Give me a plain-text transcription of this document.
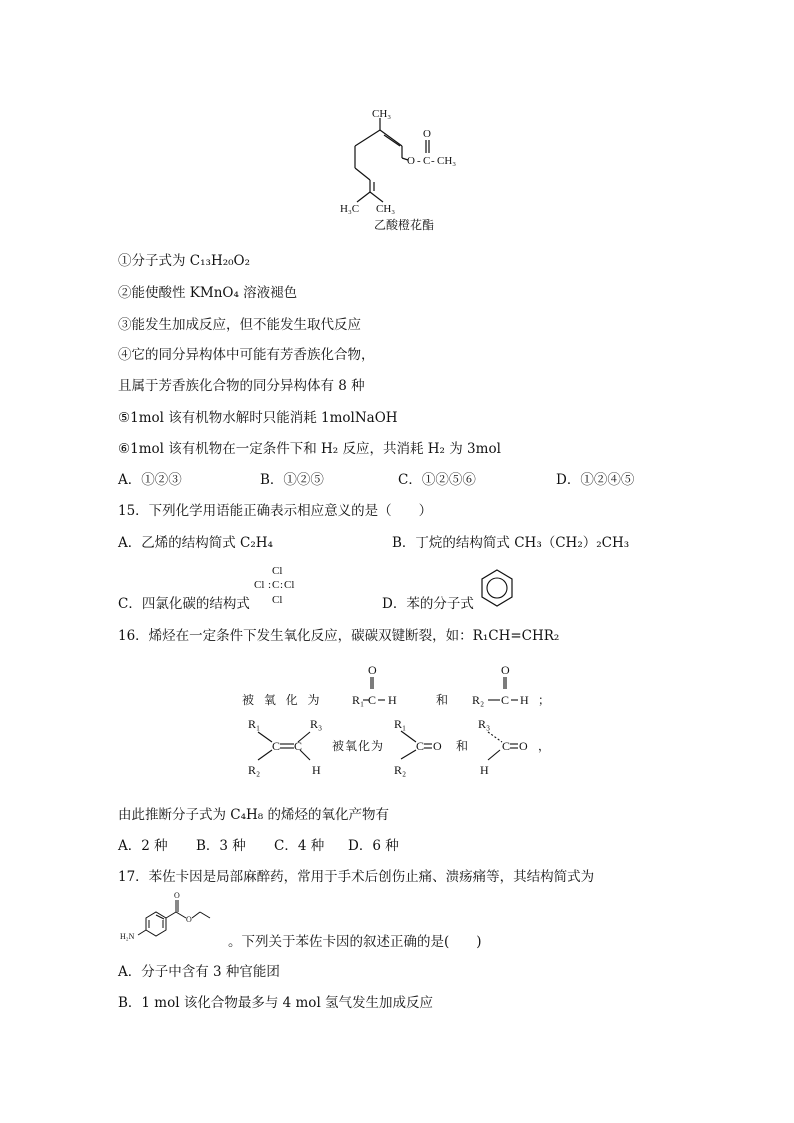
CH₃
O
O - C - CH₃
H₃C CH₃
乙酸橙花酯
①分子式为 C₁₃H₂₀O₂
②能使酸性 KMnO₄ 溶液褪色
③能发生加成反应，但不能发生取代反应
④它的同分异构体中可能有芳香族化合物，
且属于芳香族化合物的同分异构体有 8 种
⑤1mol 该有机物水解时只能消耗 1molNaOH
⑥1mol 该有机物在一定条件下和 H₂ 反应，共消耗 H₂ 为 3mol
A．①②③	B．①②⑤	C．①②⑤⑥	D．①②④⑤
15．下列化学用语能正确表示相应意义的是（　　）
A．乙烯的结构简式 C₂H₄	B．丁烷的结构简式 CH₃（CH₂）₂CH₃
Cl
Cl : C : Cl
Cl
C．四氯化碳的结构式	D．苯的分子式
16．烯烃在一定条件下发生氧化反应，碳碳双键断裂，如：R₁CH=CHR₂
被 氧 化 为 R₁
O
C H	和 R₂
O
C H ；
R₁	R₃
C C
R₂	H
被氧化为
R₁
C O
R₂
和
R₃
C O ，
H
由此推断分子式为 C₄H₈ 的烯烃的氧化产物有
A．2 种 B．3 种 C．4 种 D．6 种
17．苯佐卡因是局部麻醉药，常用于手术后创伤止痛、溃疡痛等，其结构简式为
H₂N
O
O
。下列关于苯佐卡因的叙述正确的是(　　)
A．分子中含有 3 种官能团
B．1 mol 该化合物最多与 4 mol 氢气发生加成反应
